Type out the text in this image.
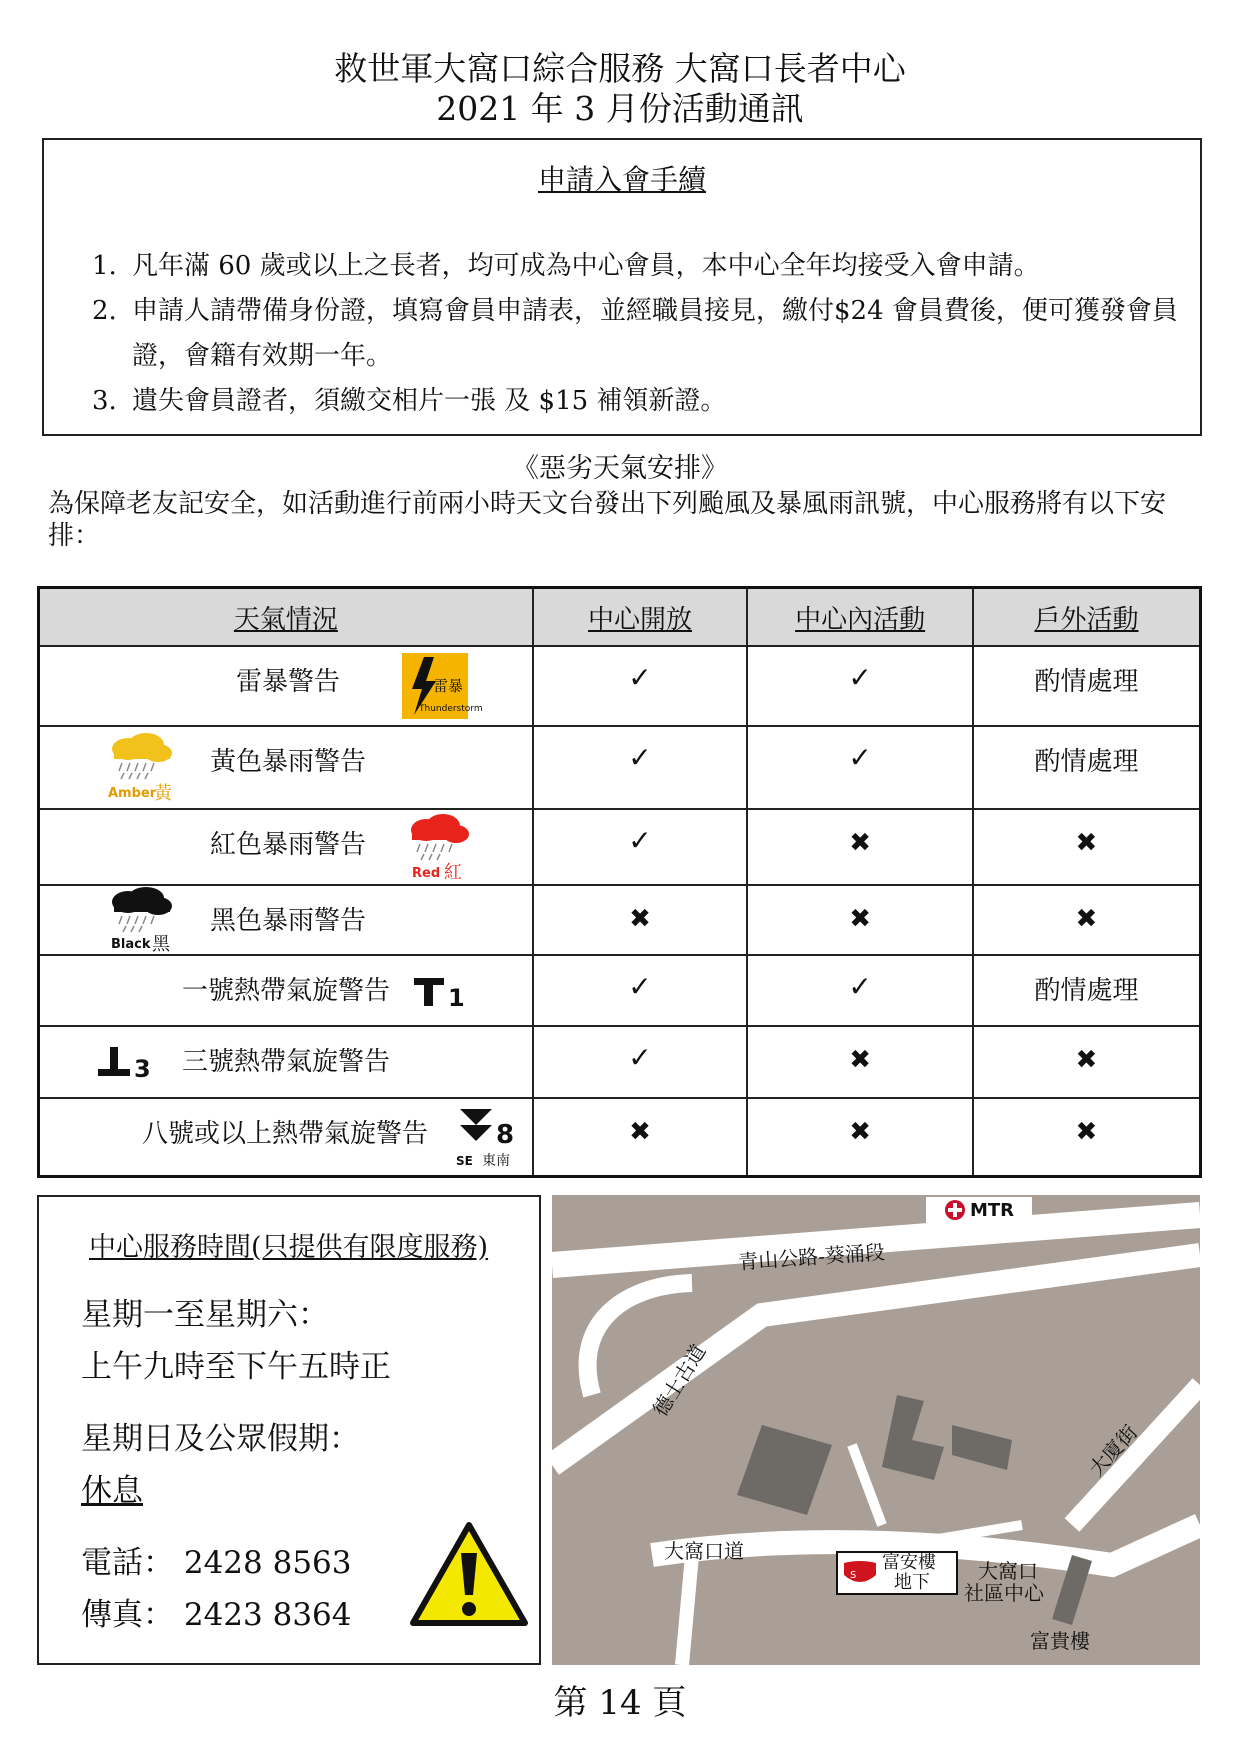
救世軍大窩口綜合服務 大窩口長者中心
2021 年 3 月份活動通訊
申請入會手續
1. 凡年滿 60 歲或以上之長者，均可成為中心會員，本中心全年均接受入會申請。
2. 申請人請帶備身份證，填寫會員申請表，並經職員接見，繳付$24 會員費後，便可獲發會員證，會籍有效期一年。
3. 遺失會員證者，須繳交相片一張 及 $15 補領新證。
《惡劣天氣安排》
為保障老友記安全，如活動進行前兩小時天文台發出下列颱風及暴風雨訊號，中心服務將有以下安排：
天氣情況	中心開放	中心內活動	戶外活動

雷暴警告 雷暴
Thunderstorm	✓	✓	酌情處理

Amber
黃
黃色暴雨警告	✓	✓	酌情處理

紅色暴雨警告
Red 紅	✓	✖	✖

Black 黑
黑色暴雨警告	✖	✖	✖

一號熱帶氣旋警告 1	✓	✓	酌情處理

3 三號熱帶氣旋警告	✓	✖	✖

八號或以上熱帶氣旋警告 8
SE 東南	✖	✖	✖
中心服務時間(只提供有限度服務)
星期一至星期六：
上午九時至下午五時正
星期日及公眾假期：
休息
電話： 2428 8563
傳真： 2423 8364
MTR
青山公路-葵涌段
德士古道
大窩口道
大廈街
S
富安樓
地下	大窩口
社區中心
富貴樓
第 14 頁
